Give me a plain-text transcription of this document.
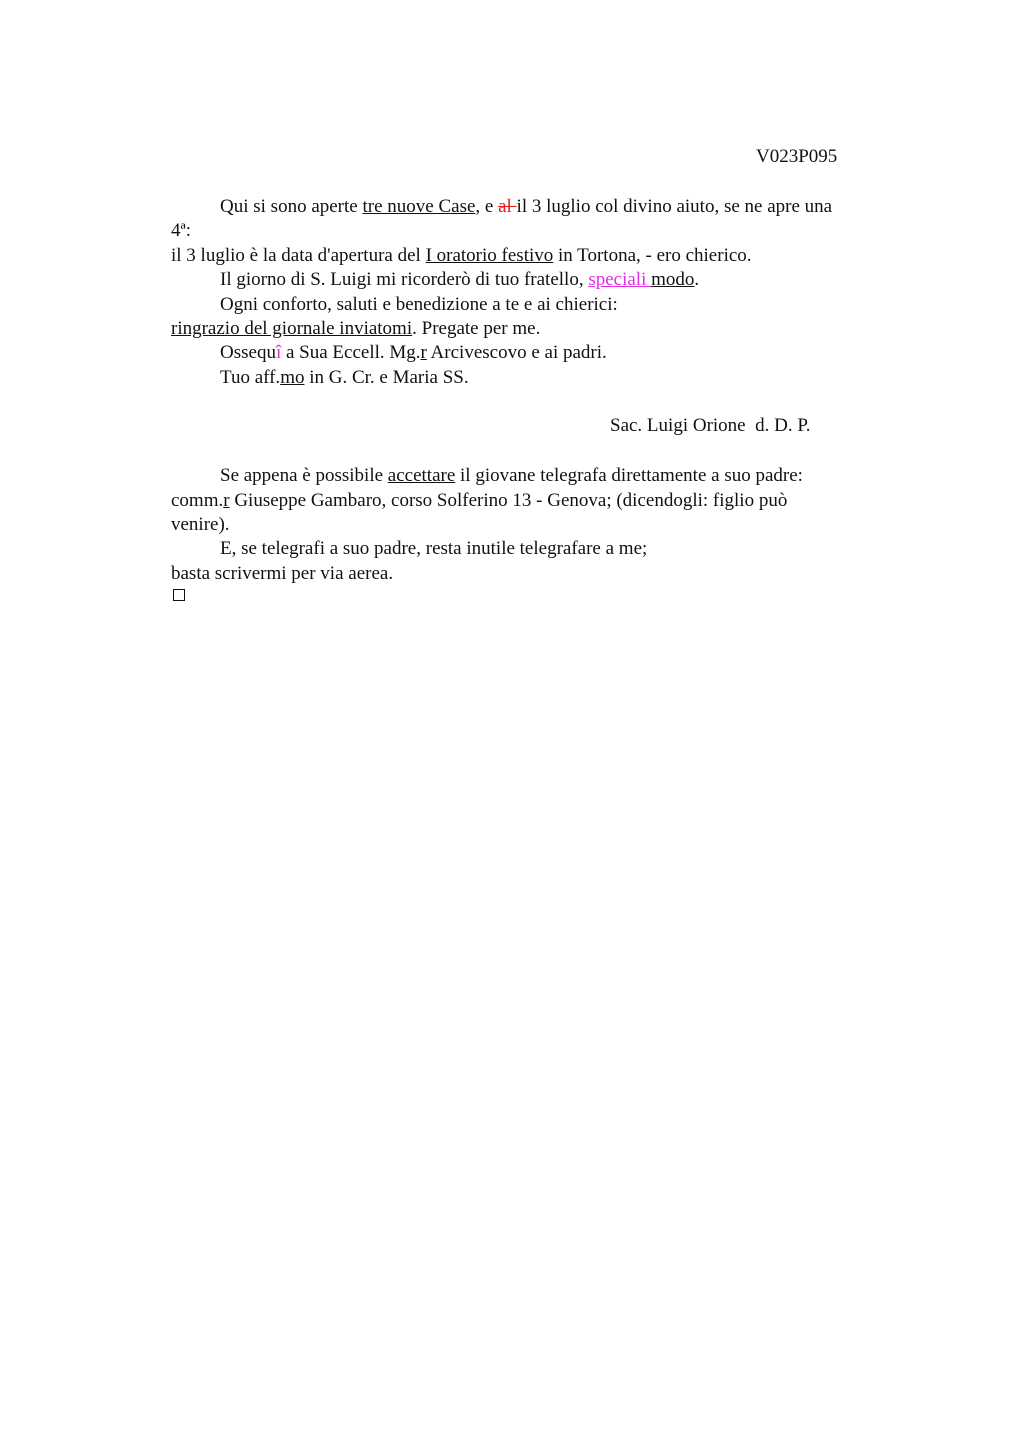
V023P095
Qui si sono aperte tre nuove Case, e al il 3 luglio col divino aiuto, se ne apre una
4ª:
il 3 luglio è la data d'apertura del I oratorio festivo in Tortona, - ero chierico.
Il giorno di S. Luigi mi ricorderò di tuo fratello, speciali modo.
Ogni conforto, saluti e benedizione a te e ai chierici:
ringrazio del giornale inviatomi. Pregate per me.
Ossequî a Sua Eccell. Mg.r Arcivescovo e ai padri.
Tuo aff.mo in G. Cr. e Maria SS.
Sac. Luigi Orione  d. D. P.
Se appena è possibile accettare il giovane telegrafa direttamente a suo padre:
comm.r Giuseppe Gambaro, corso Solferino 13 - Genova; (dicendogli: figlio può
venire).
E, se telegrafi a suo padre, resta inutile telegrafare a me;
basta scrivermi per via aerea.
